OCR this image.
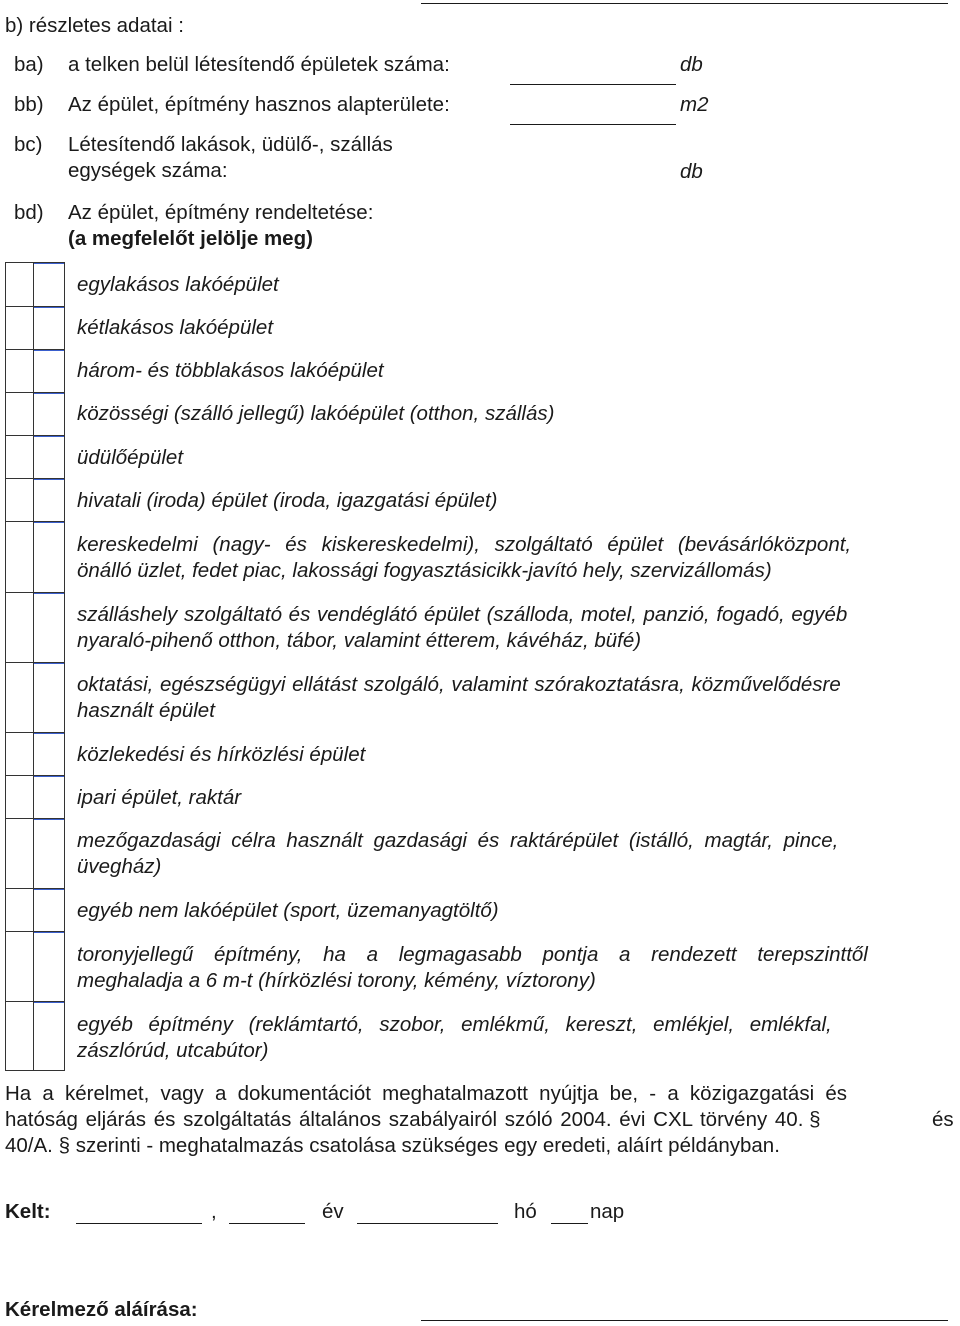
b) részletes adatai :
ba) a telken belül létesítendő épületek száma:	db
bb) Az épület, építmény hasznos alapterülete:	m2
bc) Létesítendő lakások, üdülő-, szállás
egységek száma:	db
bd) Az épület, építmény rendeltetése:
(a megfelelőt jelölje meg)
egylakásos lakóépület
kétlakásos lakóépület
három- és többlakásos lakóépület
közösségi (szálló jellegű) lakóépület (otthon, szállás)
üdülőépület
hivatali (iroda) épület (iroda, igazgatási épület)
kereskedelmi (nagy- és kiskereskedelmi), szolgáltató épület (bevásárlóközpont,
önálló üzlet, fedet piac, lakossági fogyasztásicikk-javító hely, szervizállomás)
szálláshely szolgáltató és vendéglátó épület (szálloda, motel, panzió, fogadó, egyéb
nyaraló-pihenő otthon, tábor, valamint étterem, kávéház, büfé)
oktatási, egészségügyi ellátást szolgáló, valamint szórakoztatásra, közművelődésre
használt épület
közlekedési és hírközlési épület
ipari épület, raktár
mezőgazdasági célra használt gazdasági és raktárépület (istálló, magtár, pince,
üvegház)
egyéb nem lakóépület (sport, üzemanyagtöltő)
toronyjellegű építmény, ha a legmagasabb pontja a rendezett terepszinttől
meghaladja a 6 m-t (hírközlési torony, kémény, víztorony)
egyéb építmény (reklámtartó, szobor, emlékmű, kereszt, emlékjel, emlékfal,
zászlórúd, utcabútor)
Ha a kérelmet, vagy a dokumentációt meghatalmazott nyújtja be, - a közigazgatási és
hatóság eljárás és szolgáltatás általános szabályairól szóló 2004. évi CXL törvény 40. §	és
40/A. § szerinti - meghatalmazás csatolása szükséges egy eredeti, aláírt példányban.
Kelt:	,	év	hó	nap
Kérelmező aláírása:
